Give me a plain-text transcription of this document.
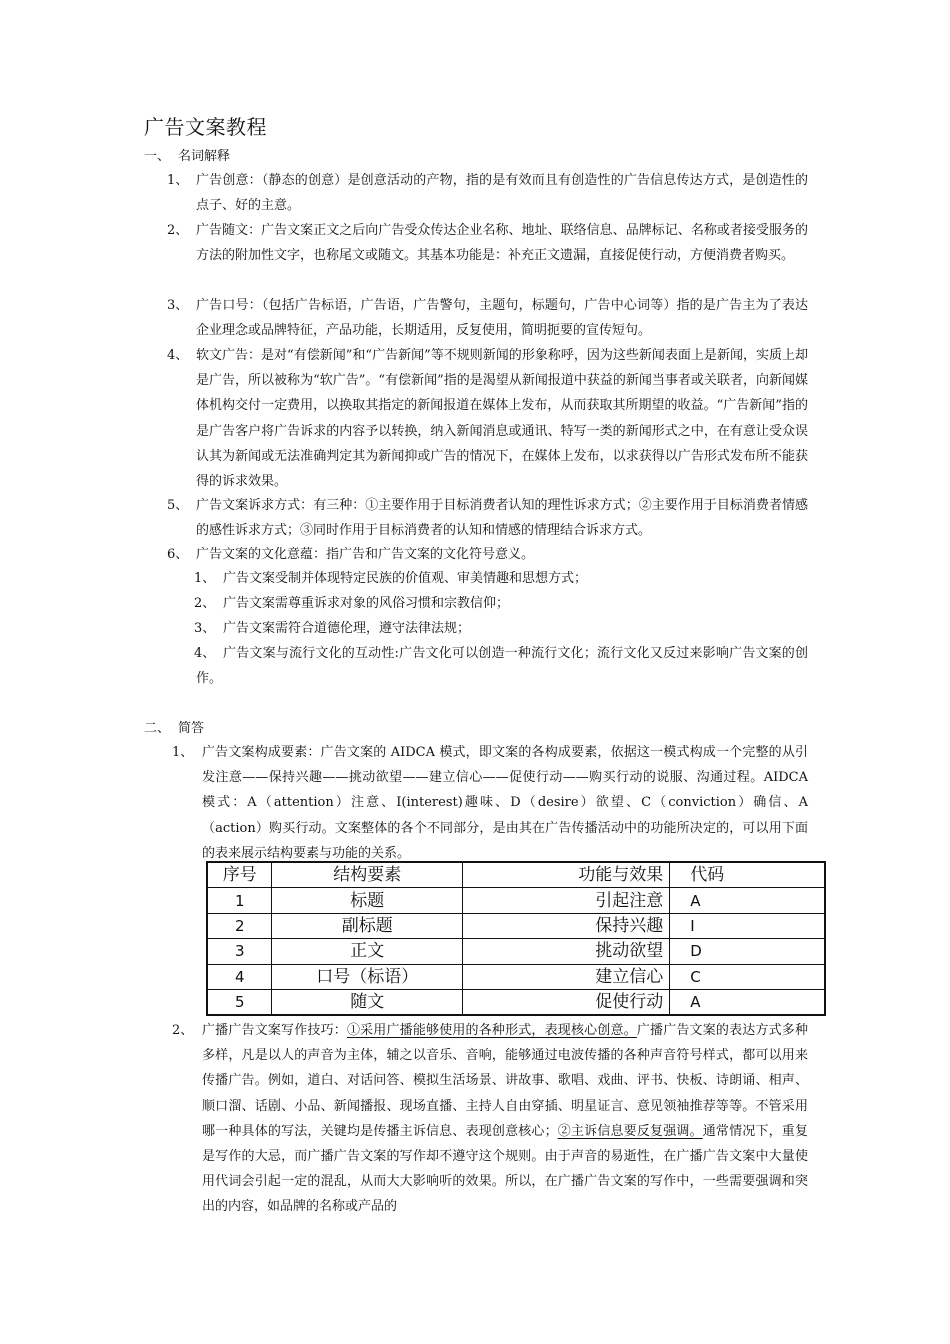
广告文案教程
一、 名词解释
1、 广告创意：（静态的创意）是创意活动的产物，指的是有效而且有创造性的广告信息传达方式，是创造性的点子、好的主意。
2、 广告随文：广告文案正文之后向广告受众传达企业名称、地址、联络信息、品牌标记、名称或者接受服务的方法的附加性文字，也称尾文或随文。其基本功能是：补充正文遗漏，直接促使行动，方便消费者购买。
3、 广告口号：（包括广告标语，广告语，广告警句，主题句，标题句，广告中心词等）指的是广告主为了表达企业理念或品牌特征，产品功能，长期适用，反复使用，简明扼要的宣传短句。
4、 软文广告：是对“有偿新闻”和“广告新闻”等不规则新闻的形象称呼，因为这些新闻表面上是新闻，实质上却是广告，所以被称为“软广告”。“有偿新闻”指的是渴望从新闻报道中获益的新闻当事者或关联者，向新闻媒体机构交付一定费用，以换取其指定的新闻报道在媒体上发布，从而获取其所期望的收益。“广告新闻”指的是广告客户将广告诉求的内容予以转换，纳入新闻消息或通讯、特写一类的新闻形式之中，在有意让受众误认其为新闻或无法准确判定其为新闻抑或广告的情况下，在媒体上发布，以求获得以广告形式发布所不能获得的诉求效果。
5、 广告文案诉求方式：有三种：①主要作用于目标消费者认知的理性诉求方式；②主要作用于目标消费者情感的感性诉求方式；③同时作用于目标消费者的认知和情感的情理结合诉求方式。
6、 广告文案的文化意蕴：指广告和广告文案的文化符号意义。
1、 广告文案受制并体现特定民族的价值观、审美情趣和思想方式；
2、 广告文案需尊重诉求对象的风俗习惯和宗教信仰；
3、 广告文案需符合道德伦理，遵守法律法规；
4、 广告文案与流行文化的互动性:广告文化可以创造一种流行文化；流行文化又反过来影响广告文案的创作。
二、 简答
1、 广告文案构成要素：广告文案的 AIDCA 模式，即文案的各构成要素，依据这一模式构成一个完整的从引发注意——保持兴趣——挑动欲望——建立信心——促使行动——购买行动的说服、沟通过程。AIDCA 模式：A（attention）注意、I(interest)趣味、D（desire）欲望、C（conviction）确信、A（action）购买行动。文案整体的各个不同部分，是由其在广告传播活动中的功能所决定的，可以用下面的表来展示结构要素与功能的关系。
序号	结构要素	功能与效果	代码
1	标题	引起注意	A
2	副标题	保持兴趣	I
3	正文	挑动欲望	D
4	口号（标语）	建立信心	C
5	随文	促使行动	A
2、 广播广告文案写作技巧：①采用广播能够使用的各种形式，表现核心创意。广播广告文案的表达方式多种多样，凡是以人的声音为主体，辅之以音乐、音响，能够通过电波传播的各种声音符号样式，都可以用来传播广告。例如，道白、对话问答、模拟生活场景、讲故事、歌唱、戏曲、评书、快板、诗朗诵、相声、顺口溜、话剧、小品、新闻播报、现场直播、主持人自由穿插、明星证言、意见领袖推荐等等。不管采用哪一种具体的写法，关键均是传播主诉信息、表现创意核心；②主诉信息要反复强调。通常情况下，重复是写作的大忌，而广播广告文案的写作却不遵守这个规则。由于声音的易逝性，在广播广告文案中大量使用代词会引起一定的混乱，从而大大影响听的效果。所以，在广播广告文案的写作中，一些需要强调和突出的内容，如品牌的名称或产品的
